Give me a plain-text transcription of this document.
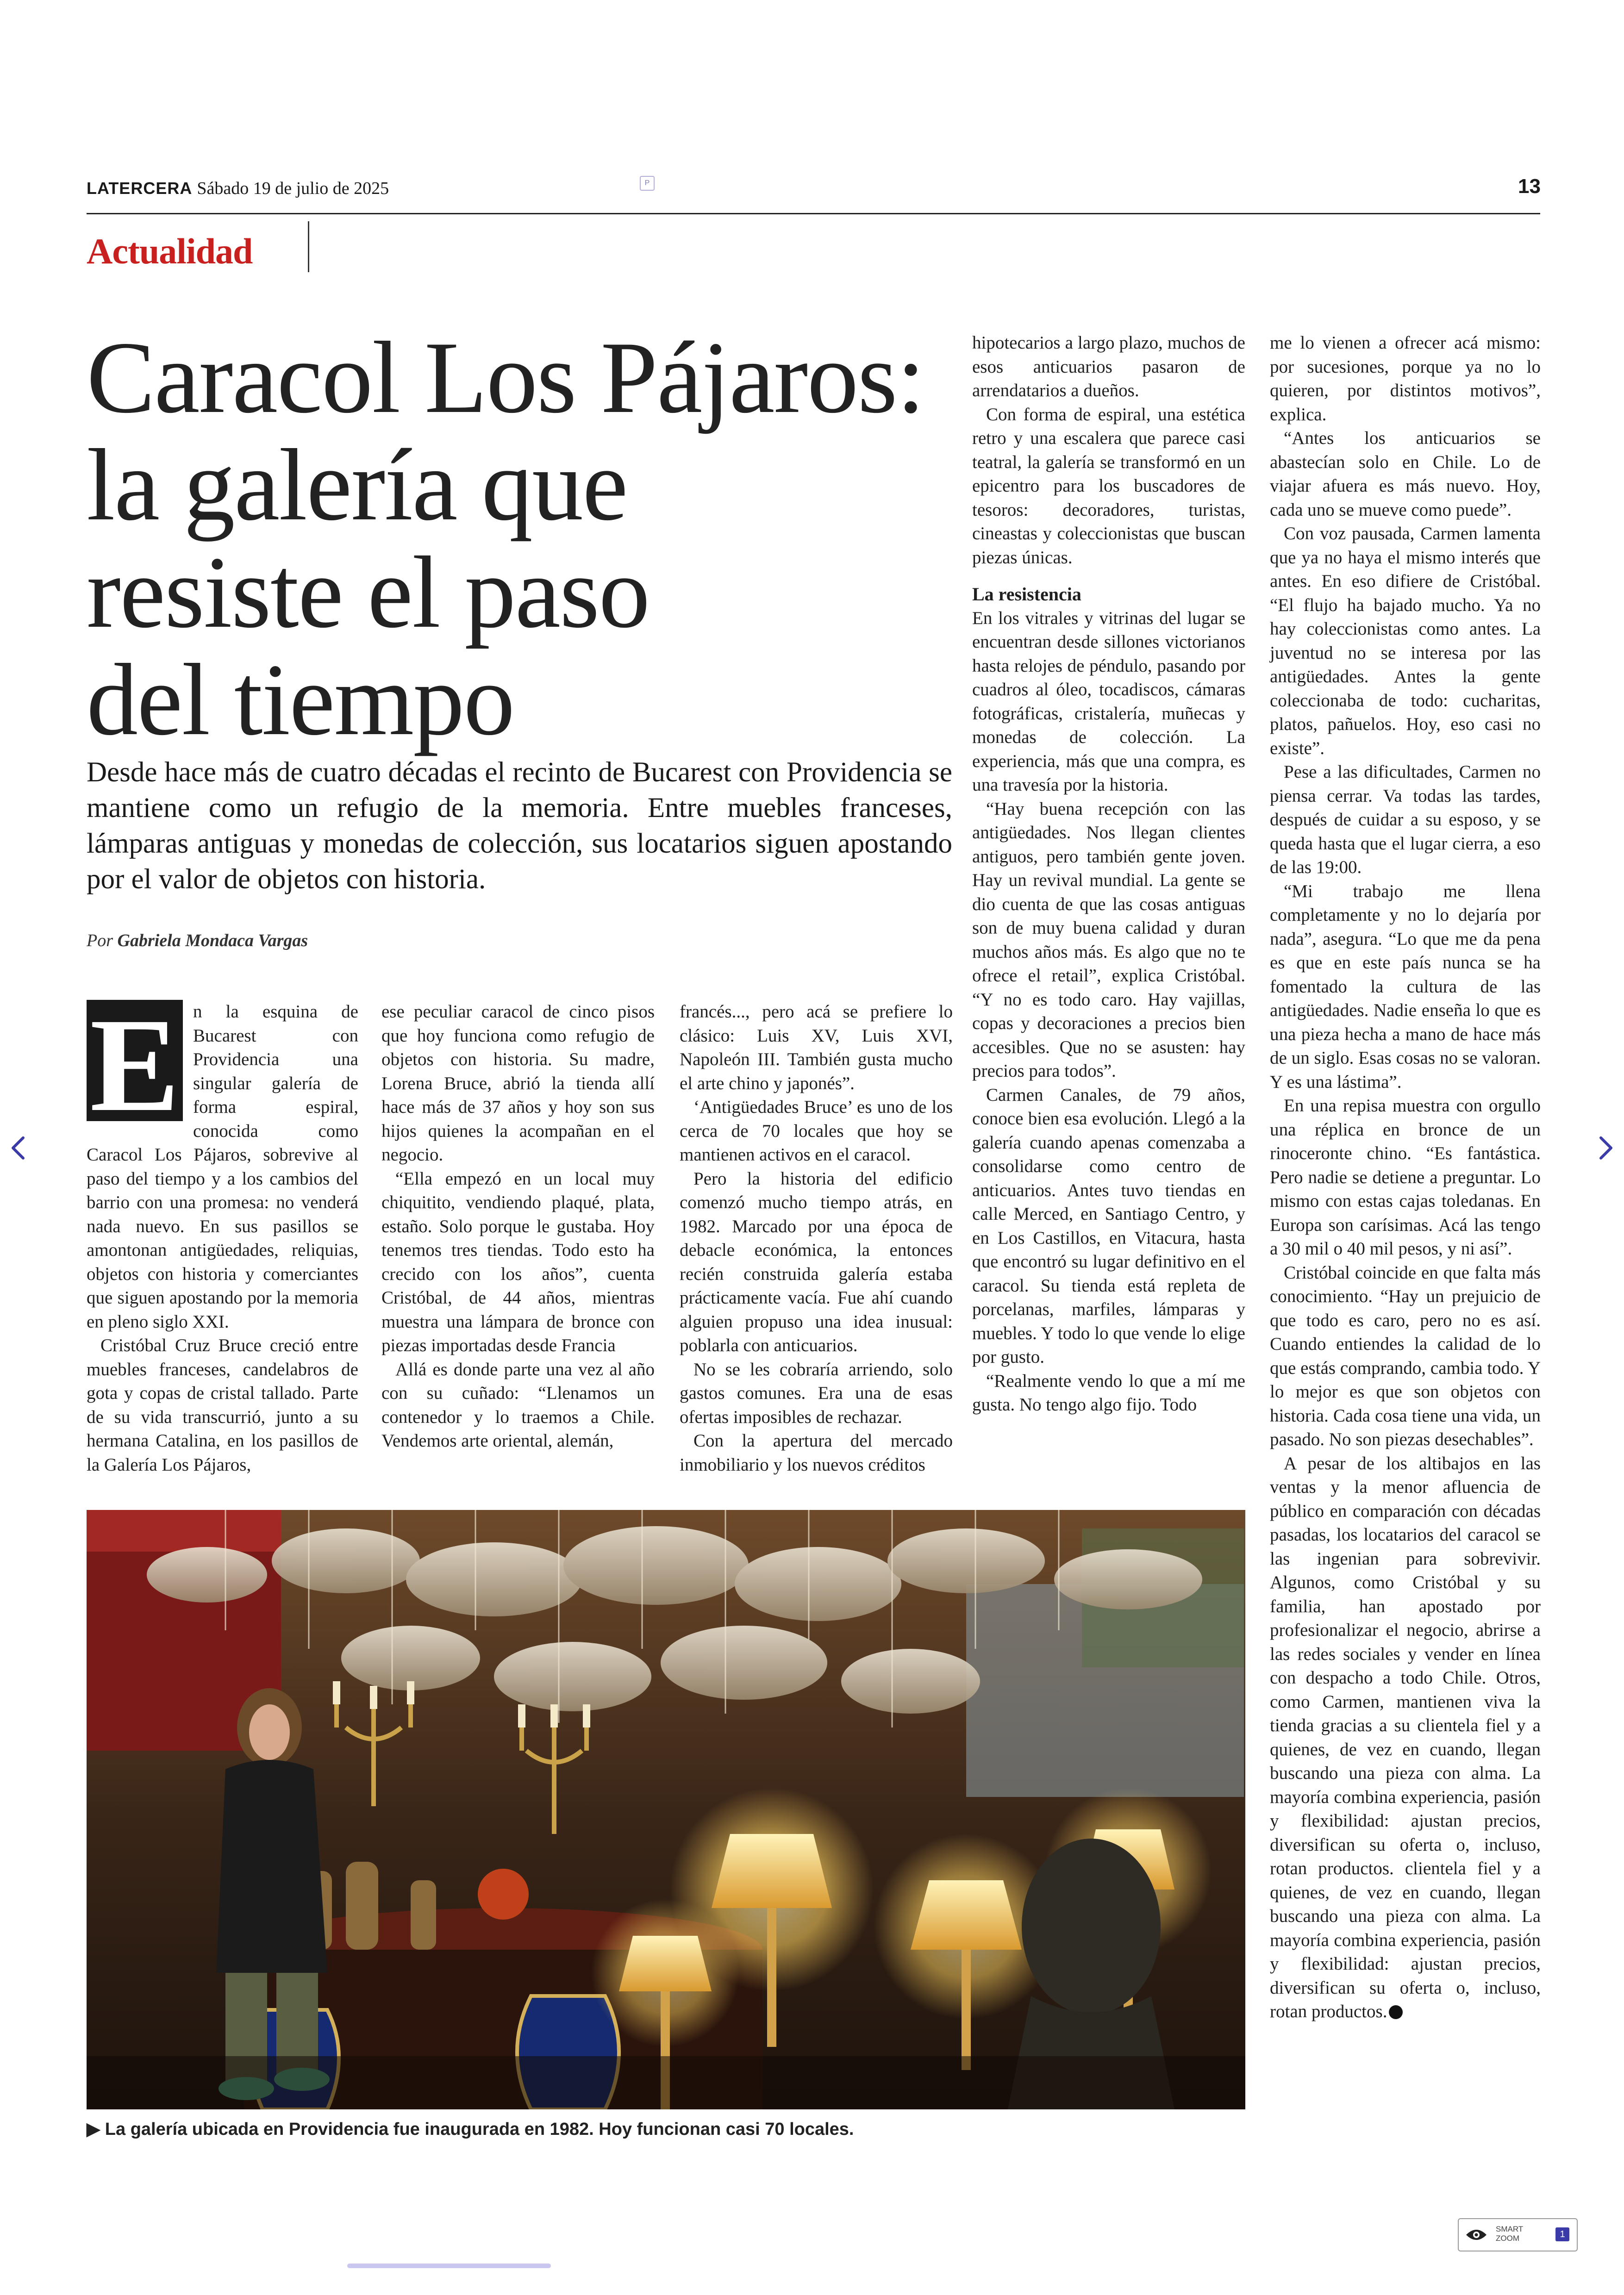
LATERCERA Sábado 19 de julio de 2025	P	13
Actualidad
Caracol Los Pájaros:
la galería que
resiste el paso
del tiempo
Desde hace más de cuatro décadas el recinto de Bucarest con Providencia se mantiene como un refugio de la memoria. Entre muebles franceses, lámparas antiguas y monedas de colección, sus locatarios siguen apostando por el valor de objetos con historia.
Por Gabriela Mondaca Vargas

E n la esquina de Bucarest con Providencia una singular galería de forma espiral, conocida como Caracol Los Pájaros, sobrevive al paso del tiempo y a los cambios del barrio con una promesa: no venderá nada nuevo. En sus pasillos se amontonan antigüedades, reliquias, objetos con historia y comerciantes que siguen apostando por la memoria en pleno siglo XXI.

Cristóbal Cruz Bruce creció entre muebles franceses, candelabros de gota y copas de cristal tallado. Parte de su vida transcurrió, junto a su hermana Catalina, en los pasillos de la Galería Los Pájaros,

ese peculiar caracol de cinco pisos que hoy funciona como refugio de objetos con historia. Su madre, Lorena Bruce, abrió la tienda allí hace más de 37 años y hoy son sus hijos quienes la acompañan en el negocio.

“Ella empezó en un local muy chiquitito, vendiendo plaqué, plata, estaño. Solo porque le gustaba. Hoy tenemos tres tiendas. Todo esto ha crecido con los años”, cuenta Cristóbal, de 44 años, mientras muestra una lámpara de bronce con piezas importadas desde Francia

Allá es donde parte una vez al año con su cuñado: “Llenamos un contenedor y lo traemos a Chile. Vendemos arte oriental, alemán,

francés..., pero acá se prefiere lo clásico: Luis XV, Luis XVI, Napoleón III. También gusta mucho el arte chino y japonés”.

‘Antigüedades Bruce’ es uno de los cerca de 70 locales que hoy se mantienen activos en el caracol.

Pero la historia del edificio comenzó mucho tiempo atrás, en 1982. Marcado por una época de debacle económica, la entonces recién construida galería estaba prácticamente vacía. Fue ahí cuando alguien propuso una idea inusual: poblarla con anticuarios.

No se les cobraría arriendo, solo gastos comunes. Era una de esas ofertas imposibles de rechazar.

Con la apertura del mercado inmobiliario y los nuevos créditos

hipotecarios a largo plazo, muchos de esos anticuarios pasaron de arrendatarios a dueños.

Con forma de espiral, una estética retro y una escalera que parece casi teatral, la galería se transformó en un epicentro para los buscadores de tesoros: decoradores, turistas, cineastas y coleccionistas que buscan piezas únicas.

La resistencia

En los vitrales y vitrinas del lugar se encuentran desde sillones victorianos hasta relojes de péndulo, pasando por cuadros al óleo, tocadiscos, cámaras fotográficas, cristalería, muñecas y monedas de colección. La experiencia, más que una compra, es una travesía por la historia.

“Hay buena recepción con las antigüedades. Nos llegan clientes antiguos, pero también gente joven. Hay un revival mundial. La gente se dio cuenta de que las cosas antiguas son de muy buena calidad y duran muchos años más. Es algo que no te ofrece el retail”, explica Cristóbal. “Y no es todo caro. Hay vajillas, copas y decoraciones a precios bien accesibles. Que no se asusten: hay precios para todos”.

Carmen Canales, de 79 años, conoce bien esa evolución. Llegó a la galería cuando apenas comenzaba a consolidarse como centro de anticuarios. Antes tuvo tiendas en calle Merced, en Santiago Centro, y en Los Castillos, en Vitacura, hasta que encontró su lugar definitivo en el caracol. Su tienda está repleta de porcelanas, marfiles, lámparas y muebles. Y todo lo que vende lo elige por gusto.

“Realmente vendo lo que a mí me gusta. No tengo algo fijo. Todo

me lo vienen a ofrecer acá mismo: por sucesiones, porque ya no lo quieren, por distintos motivos”, explica.

“Antes los anticuarios se abastecían solo en Chile. Lo de viajar afuera es más nuevo. Hoy, cada uno se mueve como puede”.

Con voz pausada, Carmen lamenta que ya no haya el mismo interés que antes. En eso difiere de Cristóbal. “El flujo ha bajado mucho. Ya no hay coleccionistas como antes. La juventud no se interesa por las antigüedades. Antes la gente coleccionaba de todo: cucharitas, platos, pañuelos. Hoy, eso casi no existe”.

Pese a las dificultades, Carmen no piensa cerrar. Va todas las tardes, después de cuidar a su esposo, y se queda hasta que el lugar cierra, a eso de las 19:00.

“Mi trabajo me llena completamente y no lo dejaría por nada”, asegura. “Lo que me da pena es que en este país nunca se ha fomentado la cultura de las antigüedades. Nadie enseña lo que es una pieza hecha a mano de hace más de un siglo. Esas cosas no se valoran. Y es una lástima”.

En una repisa muestra con orgullo una réplica en bronce de un rinoceronte chino. “Es fantástica. Pero nadie se detiene a preguntar. Lo mismo con estas cajas toledanas. En Europa son carísimas. Acá las tengo a 30 mil o 40 mil pesos, y ni así”.

Cristóbal coincide en que falta más conocimiento. “Hay un prejuicio de que todo es caro, pero no es así. Cuando entiendes la calidad de lo que estás comprando, cambia todo. Y lo mejor es que son objetos con historia. Cada cosa tiene una vida, un pasado. No son piezas desechables”.

A pesar de los altibajos en las ventas y la menor afluencia de público en comparación con décadas pasadas, los locatarios del caracol se las ingenian para sobrevivir. Algunos, como Cristóbal y su familia, han apostado por profesionalizar el negocio, abrirse a las redes sociales y vender en línea con despacho a todo Chile. Otros, como Carmen, mantienen viva la tienda gracias a su clientela fiel y a quienes, de vez en cuando, llegan buscando una pieza con alma. La mayoría combina experiencia, pasión y flexibilidad: ajustan precios, diversifican su oferta o, incluso, rotan productos. clientela fiel y a quienes, de vez en cuando, llegan buscando una pieza con alma. La mayoría combina experiencia, pasión y flexibilidad: ajustan precios, diversifican su oferta o, incluso, rotan productos.

▶ La galería ubicada en Providencia fue inaugurada en 1982. Hoy funcionan casi 70 locales.
SMART
ZOOM	1
